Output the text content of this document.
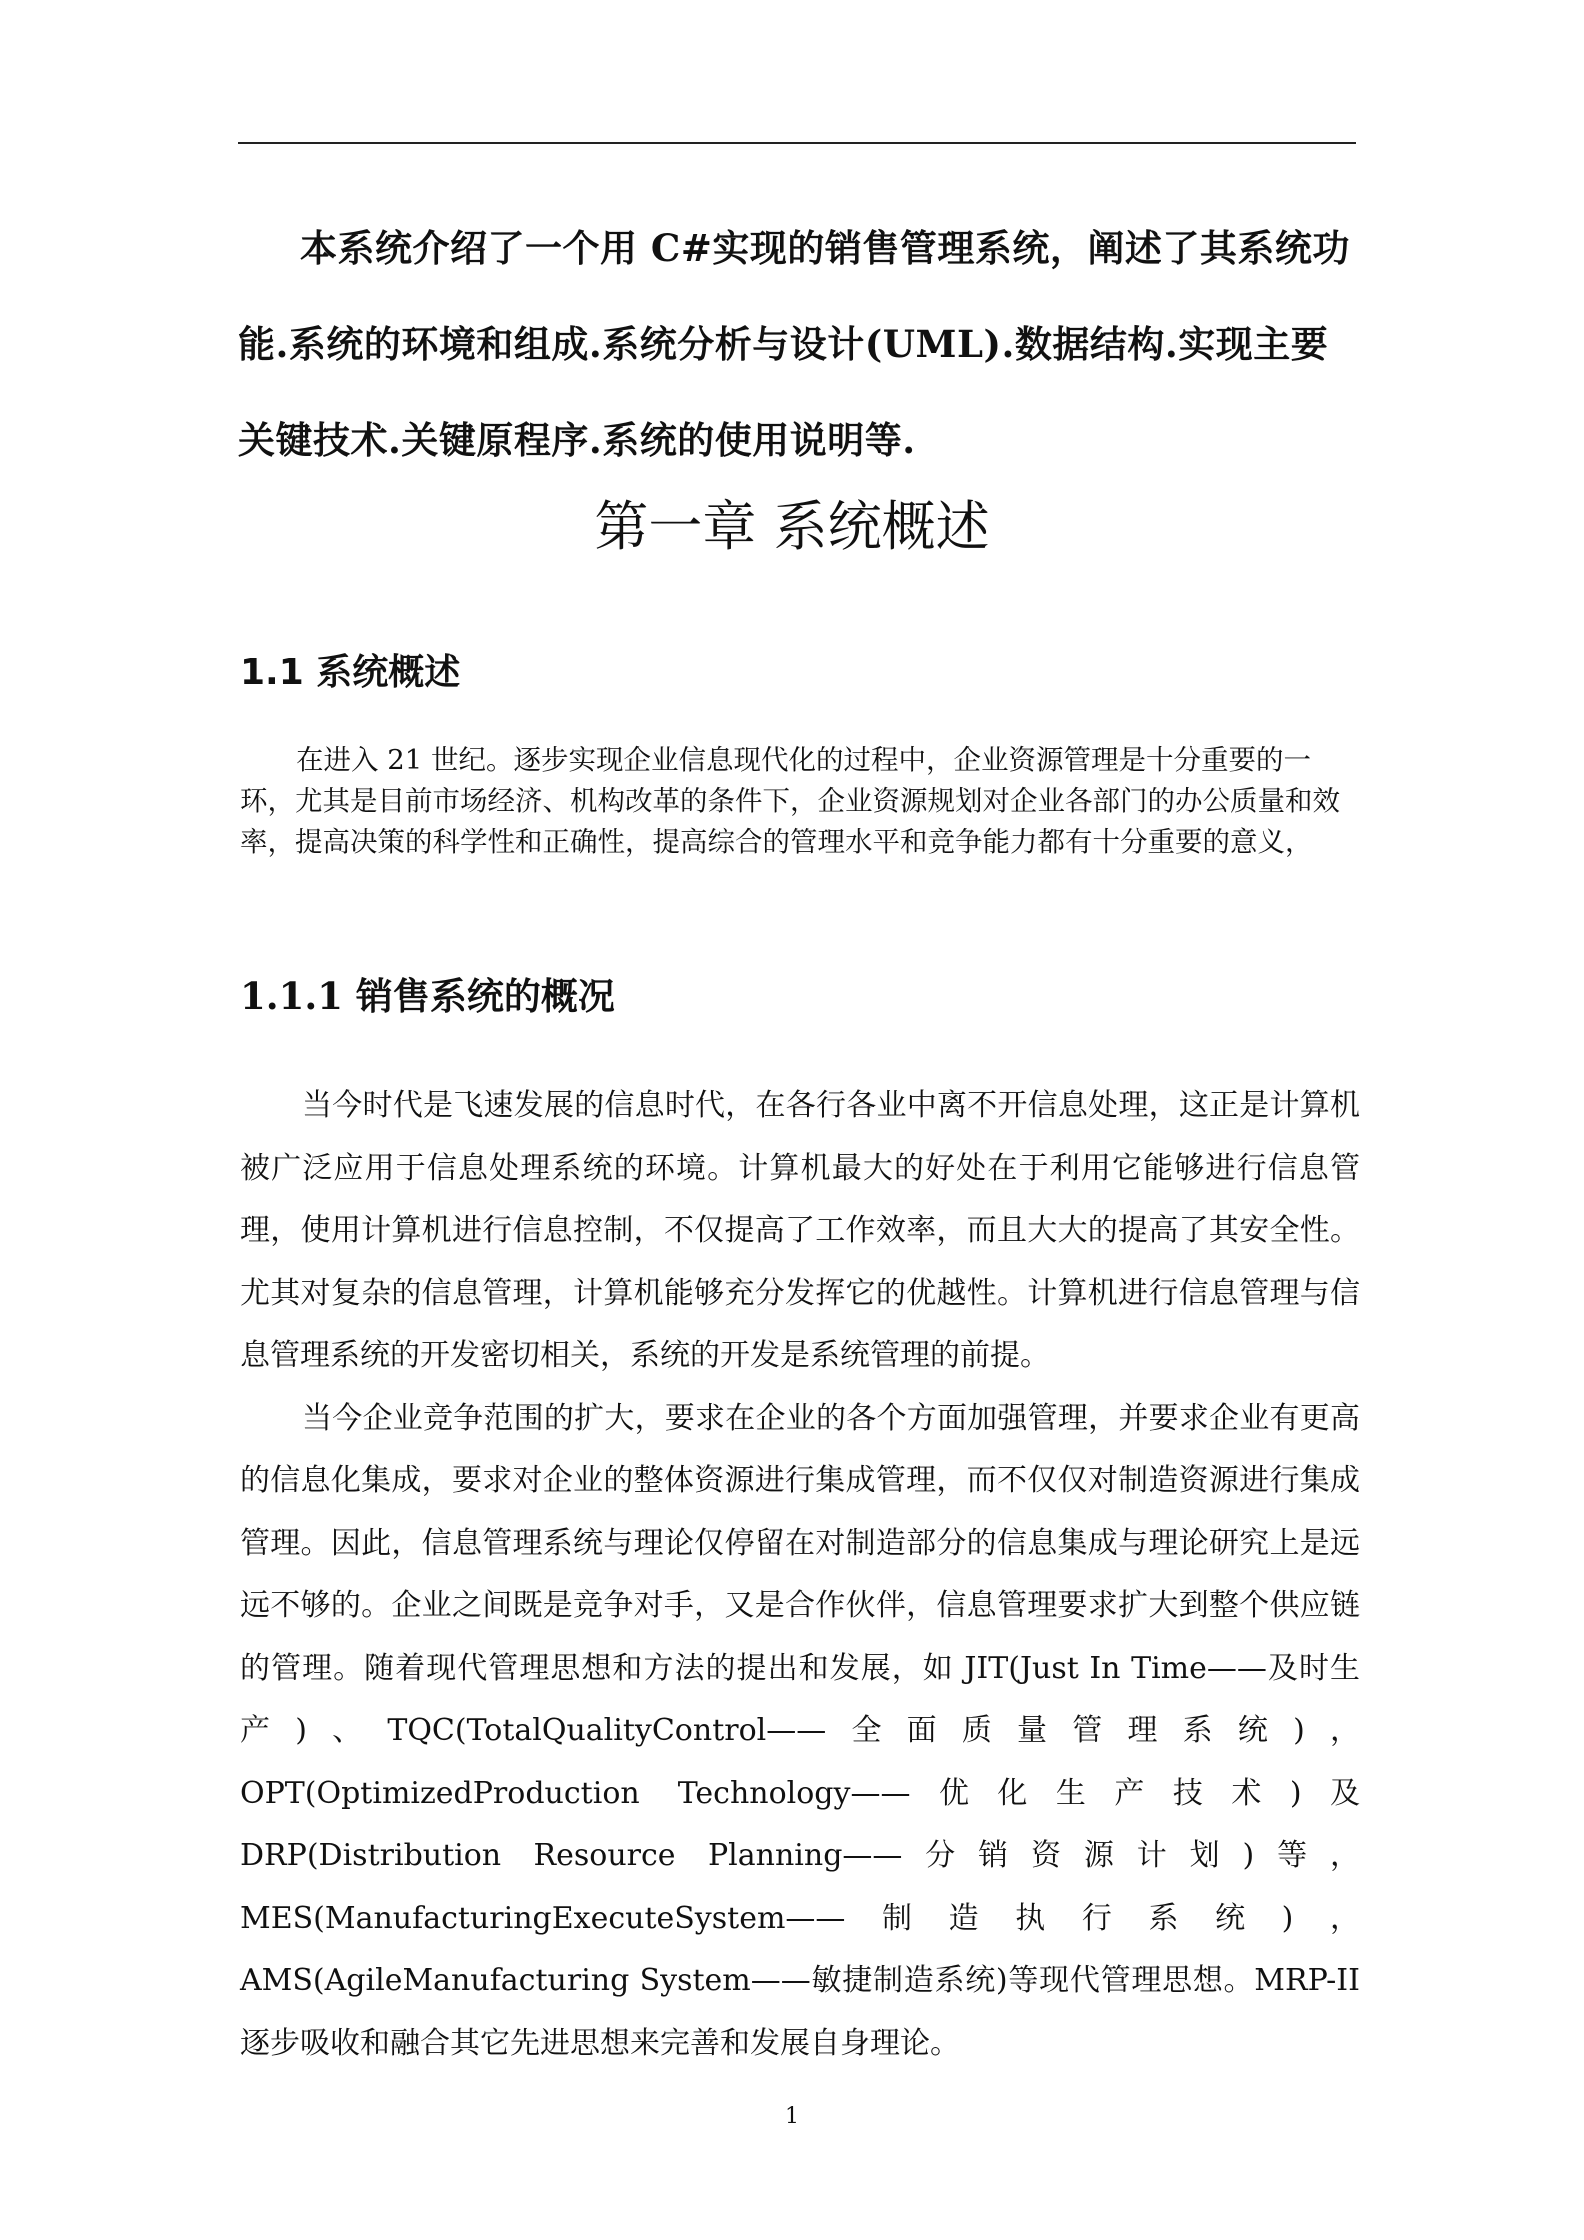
本系统介绍了一个用 C#实现的销售管理系统，阐述了其系统功能.系统的环境和组成.系统分析与设计(UML).数据结构.实现主要关键技术.关键原程序.系统的使用说明等.

第一章 系统概述
1.1 系统概述

在进入 21 世纪。逐步实现企业信息现代化的过程中，企业资源管理是十分重要的一环，尤其是目前市场经济、机构改革的条件下，企业资源规划对企业各部门的办公质量和效率，提高决策的科学性和正确性，提高综合的管理水平和竞争能力都有十分重要的意义，

1.1.1 销售系统的概况

当今时代是飞速发展的信息时代，在各行各业中离不开信息处理，这正是计算机被广泛应用于信息处理系统的环境。计算机最大的好处在于利用它能够进行信息管理，使用计算机进行信息控制，不仅提高了工作效率，而且大大的提高了其安全性。尤其对复杂的信息管理，计算机能够充分发挥它的优越性。计算机进行信息管理与信息管理系统的开发密切相关，系统的开发是系统管理的前提。

当今企业竞争范围的扩大，要求在企业的各个方面加强管理，并要求企业有更高的信息化集成，要求对企业的整体资源进行集成管理，而不仅仅对制造资源进行集成管理。因此，信息管理系统与理论仅停留在对制造部分的信息集成与理论研究上是远远不够的。企业之间既是竞争对手，又是合作伙伴，信息管理要求扩大到整个供应链的管理。随着现代管理思想和方法的提出和发展，如 JIT(Just In Time——及时生产)、TQC(TotalQualityControl——全面质量管理系统)，OPT(OptimizedProduction Technology——优化生产技术)及 DRP(Distribution Resource Planning——分销资源计划)等，MES(ManufacturingExecuteSystem——制造执行系统)，AMS(AgileManufacturing System——敏捷制造系统)等现代管理思想。MRP-II 逐步吸收和融合其它先进思想来完善和发展自身理论。

1
